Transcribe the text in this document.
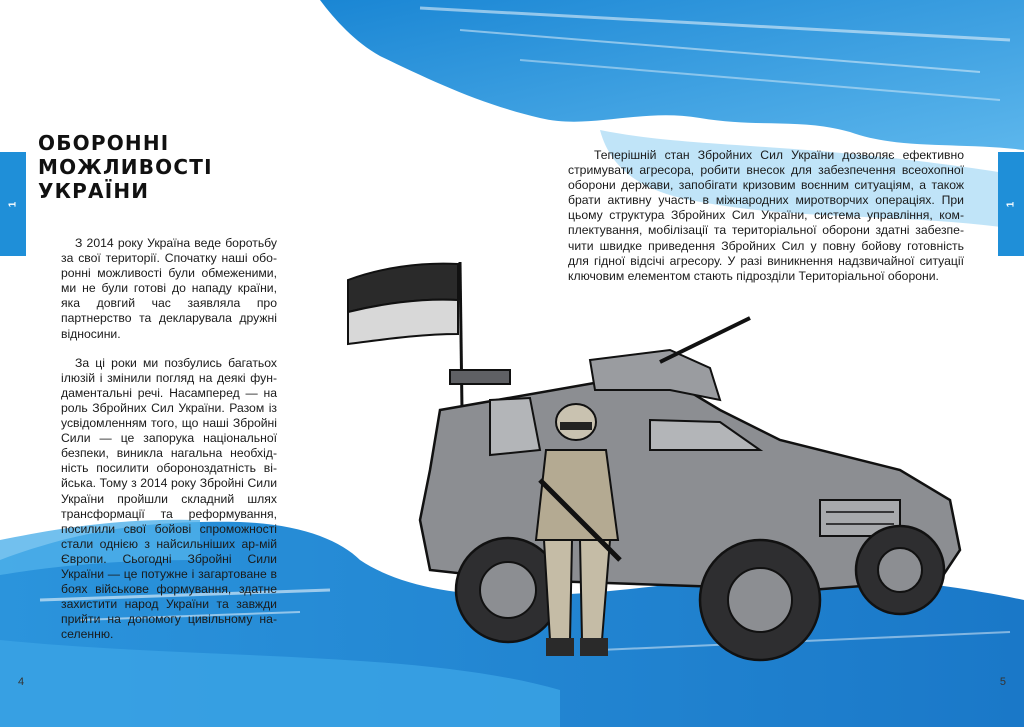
1	1
ОБОРОННІ
МОЖЛИВОСТІ
УКРАЇНИ

З 2014 року Україна веде боротьбу за свої території. Спочатку наші оборонні можливості були обмеженими, ми не були готові до нападу країни, яка довгий час заявляла про партнерство та декларувала дружні відносини.

За ці роки ми позбулись багатьох ілюзій і змінили погляд на деякі фундаментальні речі. Насамперед — на роль Збройних Сил України. Разом із усвідомленням того, що наші Збройні Сили — це запорука національної безпеки, виникла нагальна необхідність посилити обороноздатність війська. Тому з 2014 року Збройні Сили України пройшли складний шлях трансформації та реформування, посилили свої бойові спроможності стали однією з найсильніших ар-мій Європи. Сьогодні Збройні Сили України — це потужне і загартоване в боях військове формування, здатне захистити народ України та завжди прийти на допомогу цивільному населенню.

Теперішній стан Збройних Сил України дозволяє ефективно стримувати агресора, робити внесок для забезпечення всеохопної оборони держави, запобігати кризовим воєнним ситуаціям, а також брати активну участь в міжнародних миротворчих операціях. При цьому структура Збройних Сил України, система управління, комплектування, мобілізації та територіальної оборони здатні забезпечити швидке приведення Збройних Сил у повну бойову готовність для гідної відсічі агресору. У разі виникнення надзвичайної ситуації ключовим елементом стають підрозділи Територіальної оборони.

4	5
